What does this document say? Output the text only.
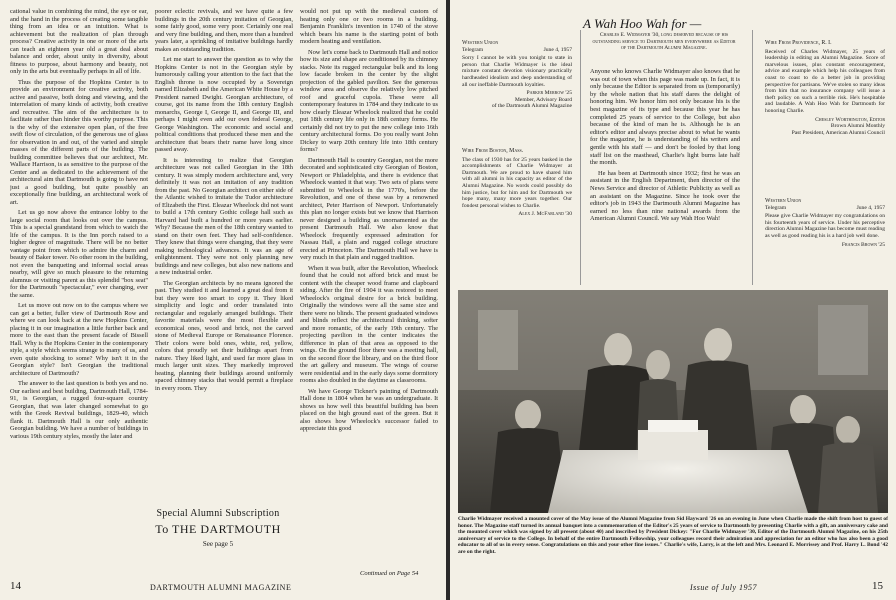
cational value in combining the mind, the eye or ear, and the hand in the process of creating some tangible thing from an idea or an intuition. What is achievement but the realization of plan through process? Creative activity in one or more of the arts can teach an eighteen year old a great deal about balance and order, about unity in diversity, about fitness to purpose, about harmony and beauty, not only in the arts but eventually perhaps in all of life.

Thus the purpose of the Hopkins Center is to provide an environment for creative activity, both active and passive, both doing and viewing, and the interrelation of many kinds of activity, both creative and recreative. The aim of the architecture is to facilitate rather than hinder this worthy purpose. This is the why of the extensive open plan, of the free swift flow of circulation, of the generous use of glass for observation in and out, of the varied and simple masses of the different parts of the building. The building committee believes that our architect, Mr. Wallace Harrison, is as sensitive to the purpose of the Center and as dedicated to the achievement of the architectural aim that Dartmouth is going to have not just a good building, but quite possibly an exceptionally fine building, an architectural work of art.

Let us go now above the entrance lobby to the large social room that looks out over the campus. This is a special grandstand from which to watch the life of the campus. It is the Inn porch raised to a higher degree of magnitude. There will be no better vantage point from which to admire the charm and beauty of Baker tower. No other room in the building, not even the banqueting and informal social areas nearby, will give so much pleasure to the returning alumnus or visiting parent as this splendid "box seat" for the Dartmouth "spectacular," ever changing, ever the same.

Let us move out now on to the campus where we can get a better, fuller view of Dartmouth Row and where we can look back at the new Hopkins Center, placing it in our imagination a little further back and more to the east than the present facade of Bissell Hall. Why is the Hopkins Center in the contemporary style, a style which seems strange to many of us, and even quite shocking to some? Why isn't it in the Georgian style? Isn't Georgian the traditional architecture of Dartmouth?

The answer to the last question is both yes and no. Our earliest and best building, Dartmouth Hall, 1784-91, is Georgian, a rugged four-square country Georgian, that was later changed somewhat to go with the Greek Revival buildings, 1829-40, which flank it. Dartmouth Hall is our only authentic Georgian building. We have a number of buildings in various 19th century styles, mostly the later and

poorer eclectic revivals, and we have quite a few buildings in the 20th century imitation of Georgian, some fairly good, some very poor. Certainly one real and very fine building, and then, more than a hundred years later, a sprinkling of imitative buildings hardly makes an outstanding tradition.

Let me start to answer the question as to why the Hopkins Center is not in the Georgian style by humorously calling your attention to the fact that the English throne is now occupied by a Sovereign named Elizabeth and the American White House by a President named Dwight. Georgian architecture, of course, got its name from the 18th century English monarchs, George I, George II, and George III, and perhaps I might even add our own federal George, George Washington. The economic and social and political conditions that produced these men and the architecture that bears their name have long since passed away.

It is interesting to realize that Georgian architecture was not called Georgian in the 18th century. It was simply modern architecture and, very definitely it was not an imitation of any tradition from the past. No Georgian architect on either side of the Atlantic wished to imitate the Tudor architecture of Elizabeth the First. Eleazar Wheelock did not want to build a 17th century Gothic college hall such as Harvard had built a hundred or more years earlier. Why? Because the men of the 18th century wanted to stand on their own feet. They had self-confidence. They knew that things were changing, that they were making technological advances. It was an age of enlightenment. They were not only planning new buildings and new colleges, but also new nations and a new industrial order.

The Georgian architects by no means ignored the past. They studied it and learned a great deal from it but they were too smart to copy it. They liked simplicity and logic and order translated into rectangular and regularly arranged buildings. Their favorite materials were the most flexible and economical ones, wood and brick, not the carved stone of Medieval Europe or Renaissance Florence. Their colors were bold ones, white, red, yellow, colors that proudly set their buildings apart from nature. They liked light, and used far more glass in much larger unit sizes. They markedly improved heating, planning their buildings around uniformly spaced chimney stacks that would permit a fireplace in every room. They

would not put up with the medieval custom of heating only one or two rooms in a building. Benjamin Franklin's invention in 1740 of the stove which bears his name is the starting point of both modern heating and ventilation.

Now let's come back to Dartmouth Hall and notice how its size and shape are conditioned by its chimney stacks. Note its rugged rectangular bulk and its long low facade broken in the center by the slight projection of the gabled pavilion. See the generous window area and observe the relatively low pitched roof and graceful cupola. These were all contemporary features in 1784 and they indicate to us how clearly Eleazar Wheelock realized that he could put 18th century life only in 18th century forms. He certainly did not try to put the new college into 16th century architectural forms. Do you really want John Dickey to warp 20th century life into 18th century forms?

Dartmouth Hall is country Georgian, not the more decorated and sophisticated city Georgian of Boston, Newport or Philadelphia, and there is evidence that Wheelock wanted it that way. Two sets of plans were submitted to Wheelock in the 1770's, before the Revolution, and one of these was by a renowned architect, Peter Harrison of Newport. Unfortunately this plan no longer exists but we know that Harrison never designed a building as unornamented as the present Dartmouth Hall. We also know that Wheelock frequently expressed admiration for Nassau Hall, a plain and rugged college structure erected at Princeton. The Dartmouth Hall we have is very much in that plain and rugged tradition.

When it was built, after the Revolution, Wheelock found that he could not afford brick and must be content with the cheaper wood frame and clapboard siding. After the fire of 1904 it was restored to meet Wheelock's original desire for a brick building. Originally the windows were all the same size and there were no blinds. The present graduated windows and blinds reflect the architectural thinking, softer and more romantic, of the early 19th century. The projecting pavilion in the center indicates the difference in plan of that area as opposed to the wings. On the ground floor there was a meeting hall, on the second floor the library, and on the third floor the art gallery and museum. The wings of course were residential and in the early days some dormitory rooms also doubled in the daytime as classrooms.

We have George Tickner's painting of Dartmouth Hall done in 1804 when he was an undergraduate. It shows us how well this beautiful building has been placed on the high ground east of the green. But it also shows how Wheelock's successor failed to appreciate this good

Continued on Page 54
Special Alumni Subscription
To THE DARTMOUTH
See page 5
14	DARTMOUTH ALUMNI MAGAZINE
A Wah Hoo Wah for —
Western Union
Telegram	June 4, 1957
Sorry I cannot be with you tonight to state in person that Charlie Widmayer is the ideal mixture constant devotion visionary practically hardheaded idealism and deep understanding of all our ineffable Dartmouth loyalties.
Parker Merrow '25
Member, Advisory Board
of the Dartmouth Alumni Magazine
Wire From Boston, Mass.
The class of 1930 has for 25 years basked in the accomplishments of Charlie Widmayer at Dartmouth. We are proud to have shared him with all alumni in his capacity as editor of the Alumni Magazine. No words could possibly do him justice, but for him and for Dartmouth we hope many, many more years together. Our fondest personal wishes to Charlie.
Alex J. McFarland '30
Charles E. Widmayer '30, long deserved because of his outstanding service to Dartmouth men everywhere as Editor of the Dartmouth Alumni Magazine.

Anyone who knows Charlie Widmayer also knows that he was out of town when this page was made up. In fact, it is only because the Editor is separated from us (temporarily) by the whole nation that his staff dares the delight of honoring him. We honor him not only because his is the best magazine of its type and because this year he has completed 25 years of service to the College, but also because of the kind of man he is. Although he is an editor's editor and always precise about to what he wants for the magazine, he is understanding of his writers and gentle with his staff — and don't be fooled by that long staff list on the masthead, Charlie's light burns late half the month.

He has been at Dartmouth since 1932; first he was an assistant in the English Department, then director of the News Service and director of Athletic Publicity as well as an assistant on the Magazine. Since he took over the editor's job in 1943 the Dartmouth Alumni Magazine has earned no less than nine national awards from the American Alumni Council. We say Wah Hoo Wah!

Wire From Providence, R. I.
Received of Charles Widmayer, 25 years of leadership in editing an Alumni Magazine. Score of marvelous issues, plus constant encouragement, advice and example which help his colleagues from coast to coast to do a better job in providing perspective for partisans. We've stolen so many ideas from him that no insurance company will issue a theft policy on such a terrible risk. He's hospitable and laudable. A Wah Hoo Wah for Dartmouth for honoring Charlie.
Chesley Worthington, Editor
Brown Alumni Monthly
Past President, American Alumni Council
Western Union
Telegram	June 4, 1957
Please give Charlie Widmayer my congratulations on his fourteenth years of service. Under his perceptive direction Alumni Magazine has become must reading as well as good reading his is a hard job well done.
Francis Brown '25
Charlie Widmayer received a mounted cover of the May issue of the Alumni Magazine from Sid Hayward '26 on an evening in June when Charlie made the shift from host to guest of honor. The Magazine staff turned its annual banquet into a commemoration of the Editor's 25 years of service to Dartmouth by presenting Charlie with a gift, an anniversary cake and the mounted cover which was signed by all present (about 40) and inscribed by President Dickey: "For Charlie Widmayer '30, Editor of the Dartmouth Alumni Magazine, on his 25th anniversary of service to the College. In behalf of the entire Dartmouth Fellowship, your colleagues record their admiration and appreciation for an editor who has also been a good educator to all of us in every sense. Congratulations on this and your other fine issues." Charlie's wife, Larry, is at the left and Mrs. Leonard E. Morrissey and Prof. Harry L. Bond '42 are on the right.
Issue of July 1957	15
